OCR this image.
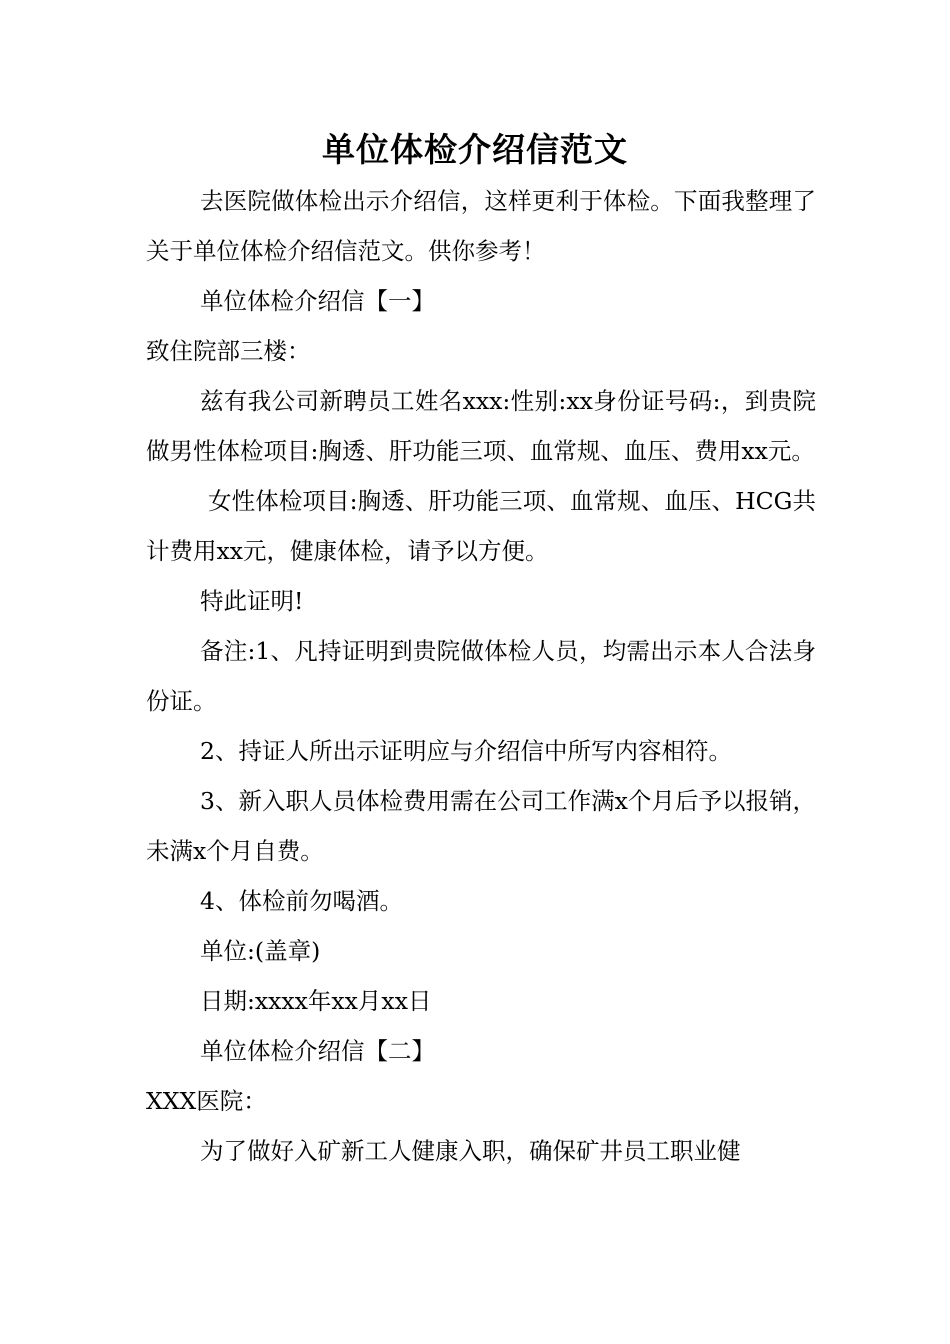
单位体检介绍信范文

去医院做体检出示介绍信，这样更利于体检。下面我整理了关于单位体检介绍信范文。供你参考！

单位体检介绍信【一】

致住院部三楼：

兹有我公司新聘员工姓名xxx:性别:xx身份证号码:，到贵院做男性体检项目:胸透、肝功能三项、血常规、血压、费用xx元。

女性体检项目:胸透、肝功能三项、血常规、血压、HCG共计费用xx元，健康体检，请予以方便。

特此证明!

备注:1、凡持证明到贵院做体检人员，均需出示本人合法身份证。

2、持证人所出示证明应与介绍信中所写内容相符。

3、新入职人员体检费用需在公司工作满x个月后予以报销，未满x个月自费。

4、体检前勿喝酒。

单位:(盖章)

日期:xxxx年xx月xx日

单位体检介绍信【二】

XXX医院：

为了做好入矿新工人健康入职，确保矿井员工职业健
